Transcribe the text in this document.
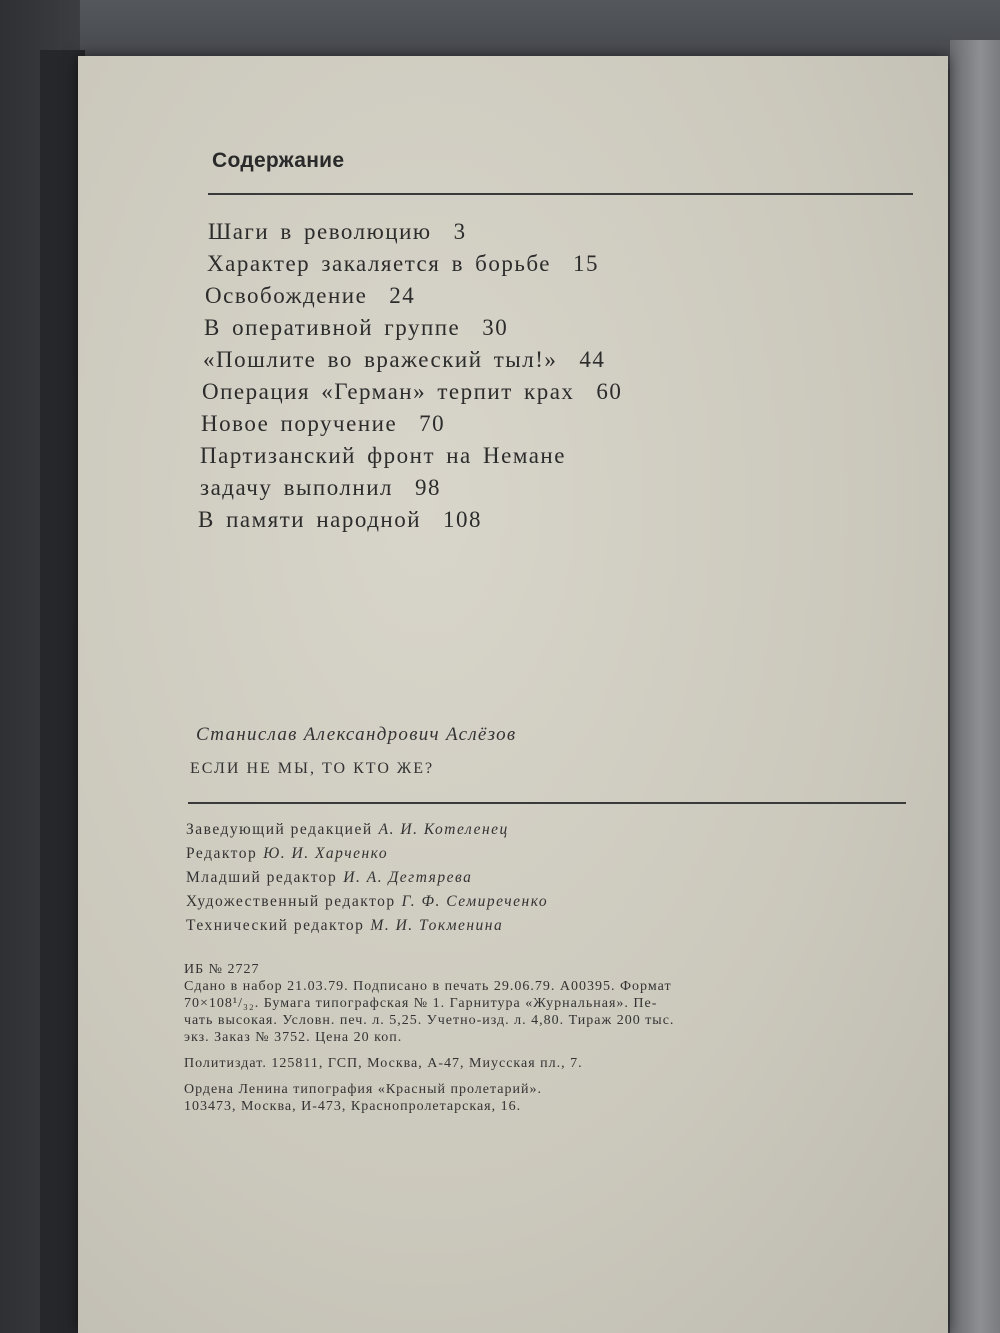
Содержание
Шаги в революцию 3
Характер закаляется в борьбе 15
Освобождение 24
В оперативной группе 30
«Пошлите во вражеский тыл!» 44
Операция «Герман» терпит крах 60
Новое поручение 70
Партизанский фронт на Немане
задачу выполнил 98
В памяти народной 108
Станислав Александрович Аслёзов
ЕСЛИ НЕ МЫ, ТО КТО ЖЕ?
Заведующий редакцией А. И. Котеленец
Редактор Ю. И. Харченко
Младший редактор И. А. Дегтярева
Художественный редактор Г. Ф. Семиреченко
Технический редактор М. И. Токменина
ИБ № 2727
Сдано в набор 21.03.79. Подписано в печать 29.06.79. А00395. Формат
70×108¹/₃₂. Бумага типографская № 1. Гарнитура «Журнальная». Пе-
чать высокая. Условн. печ. л. 5,25. Учетно-изд. л. 4,80. Тираж 200 тыс.
экз. Заказ № 3752. Цена 20 коп.
Политиздат. 125811, ГСП, Москва, А-47, Миусская пл., 7.
Ордена Ленина типография «Красный пролетарий».
103473, Москва, И-473, Краснопролетарская, 16.
